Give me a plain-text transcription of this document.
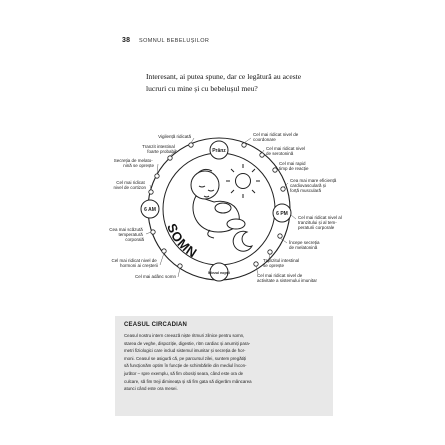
38 SOMNUL BEBELUȘILOR
Interesant, ai putea spune, dar ce legătură au aceste
lucruri cu mine și cu bebelușul meu?
Prânz
6 PM
Miezul nopții
6 AM
SOMN
Vigilență ridicată
Tranzit intestinal foarte probabil
Secreția de melato- nină se oprește
Cel mai ridicat nivel de cortizon
Cea mai scăzută temperatură corporală
Cel mai ridicat nivel de hormoni ai creșterii
Cel mai adânc somn
Cel mai ridicat nivel de coordonare
Cel mai ridicat nivel de serotonină
Cel mai rapid timp de reacție
Cea mai mare eficiență cardiovasculară și forță musculară
Cel mai ridicat nivel al tranzitului și al tem- peraturii corporale
Începe secreția de melatonină
Tranzitul intestinal se oprește
Cel mai ridicat nivel de activitate a sistemului imunitar
CEASUL CIRCADIAN
Ceasul nostru intern creează niște ritmuri zilnice pentru somn,
starea de veghe, dispoziție, digestie, ritm cardiac și anumiți para-
metri fiziologici care includ sistemul imunitar și secreția de hor-
moni. Ceasul se asigură că, pe parcursul zilei, suntem pregătiți
să funcționăm optim în funcție de schimbările din mediul încon-
jurător – spre exemplu, să fim obosiți seara, când este ora de
culcare, să fim treji dimineața și să fim gata să digerăm mâncarea
atunci când este ora mesei.
